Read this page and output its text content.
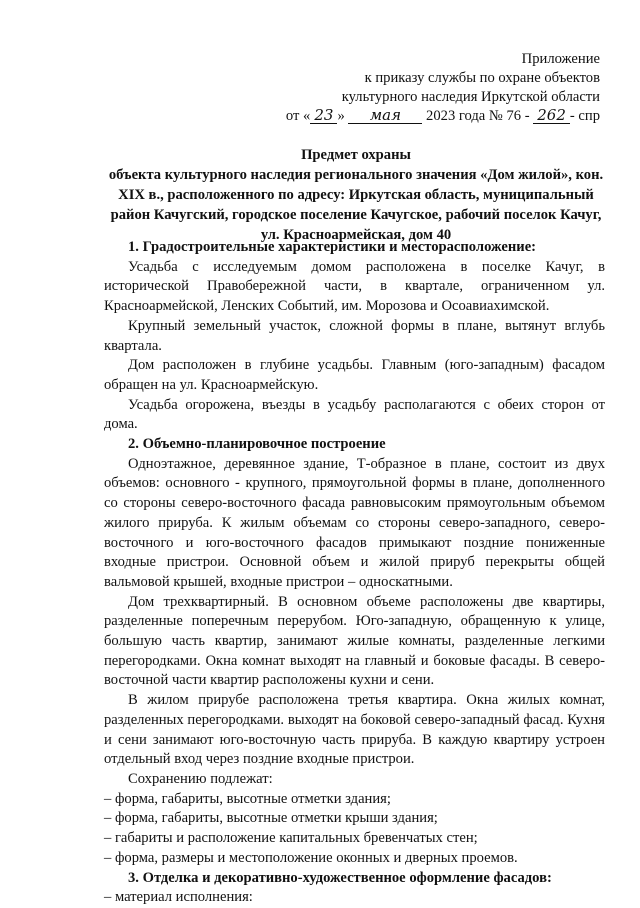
Приложение
к приказу службы по охране объектов
культурного наследия Иркутской области
от « 23 » мая 2023 года № 76 - 262 - спр
Предмет охраны
объекта культурного наследия регионального значения «Дом жилой», кон. XIX в., расположенного по адресу: Иркутская область, муниципальный район Качугский, городское поселение Качугское, рабочий поселок Качуг, ул. Красноармейская, дом 40
1. Градостроительные характеристики и месторасположение:

Усадьба с исследуемым домом расположена в поселке Качуг, в исторической Правобережной части, в квартале, ограниченном ул. Красноармейской, Ленских Событий, им. Морозова и Осоавиахимской.

Крупный земельный участок, сложной формы в плане, вытянут вглубь квартала.

Дом расположен в глубине усадьбы. Главным (юго-западным) фасадом обращен на ул. Красноармейскую.

Усадьба огорожена, въезды в усадьбу располагаются с обеих сторон от дома.

2. Объемно-планировочное построение

Одноэтажное, деревянное здание, Т-образное в плане, состоит из двух объемов: основного - крупного, прямоугольной формы в плане, дополненного со стороны северо-восточного фасада равновысоким прямоугольным объемом жилого прируба. К жилым объемам со стороны северо-западного, северо-восточного и юго-восточного фасадов примыкают поздние пониженные входные пристрои. Основной объем и жилой прируб перекрыты общей вальмовой крышей, входные пристрои – односкатными.

Дом трехквартирный. В основном объеме расположены две квартиры, разделенные поперечным перерубом. Юго-западную, обращенную к улице, большую часть квартир, занимают жилые комнаты, разделенные легкими перегородками. Окна комнат выходят на главный и боковые фасады. В северо-восточной части квартир расположены кухни и сени.

В жилом прирубе расположена третья квартира. Окна жилых комнат, разделенных перегородками. выходят на боковой северо-западный фасад. Кухня и сени занимают юго-восточную часть прируба. В каждую квартиру устроен отдельный вход через поздние входные пристрои.

Сохранению подлежат:

– форма, габариты, высотные отметки здания;

– форма, габариты, высотные отметки крыши здания;

– габариты и расположение капитальных бревенчатых стен;

– форма, размеры и местоположение оконных и дверных проемов.

3. Отделка и декоративно-художественное оформление фасадов:

– материал исполнения:
